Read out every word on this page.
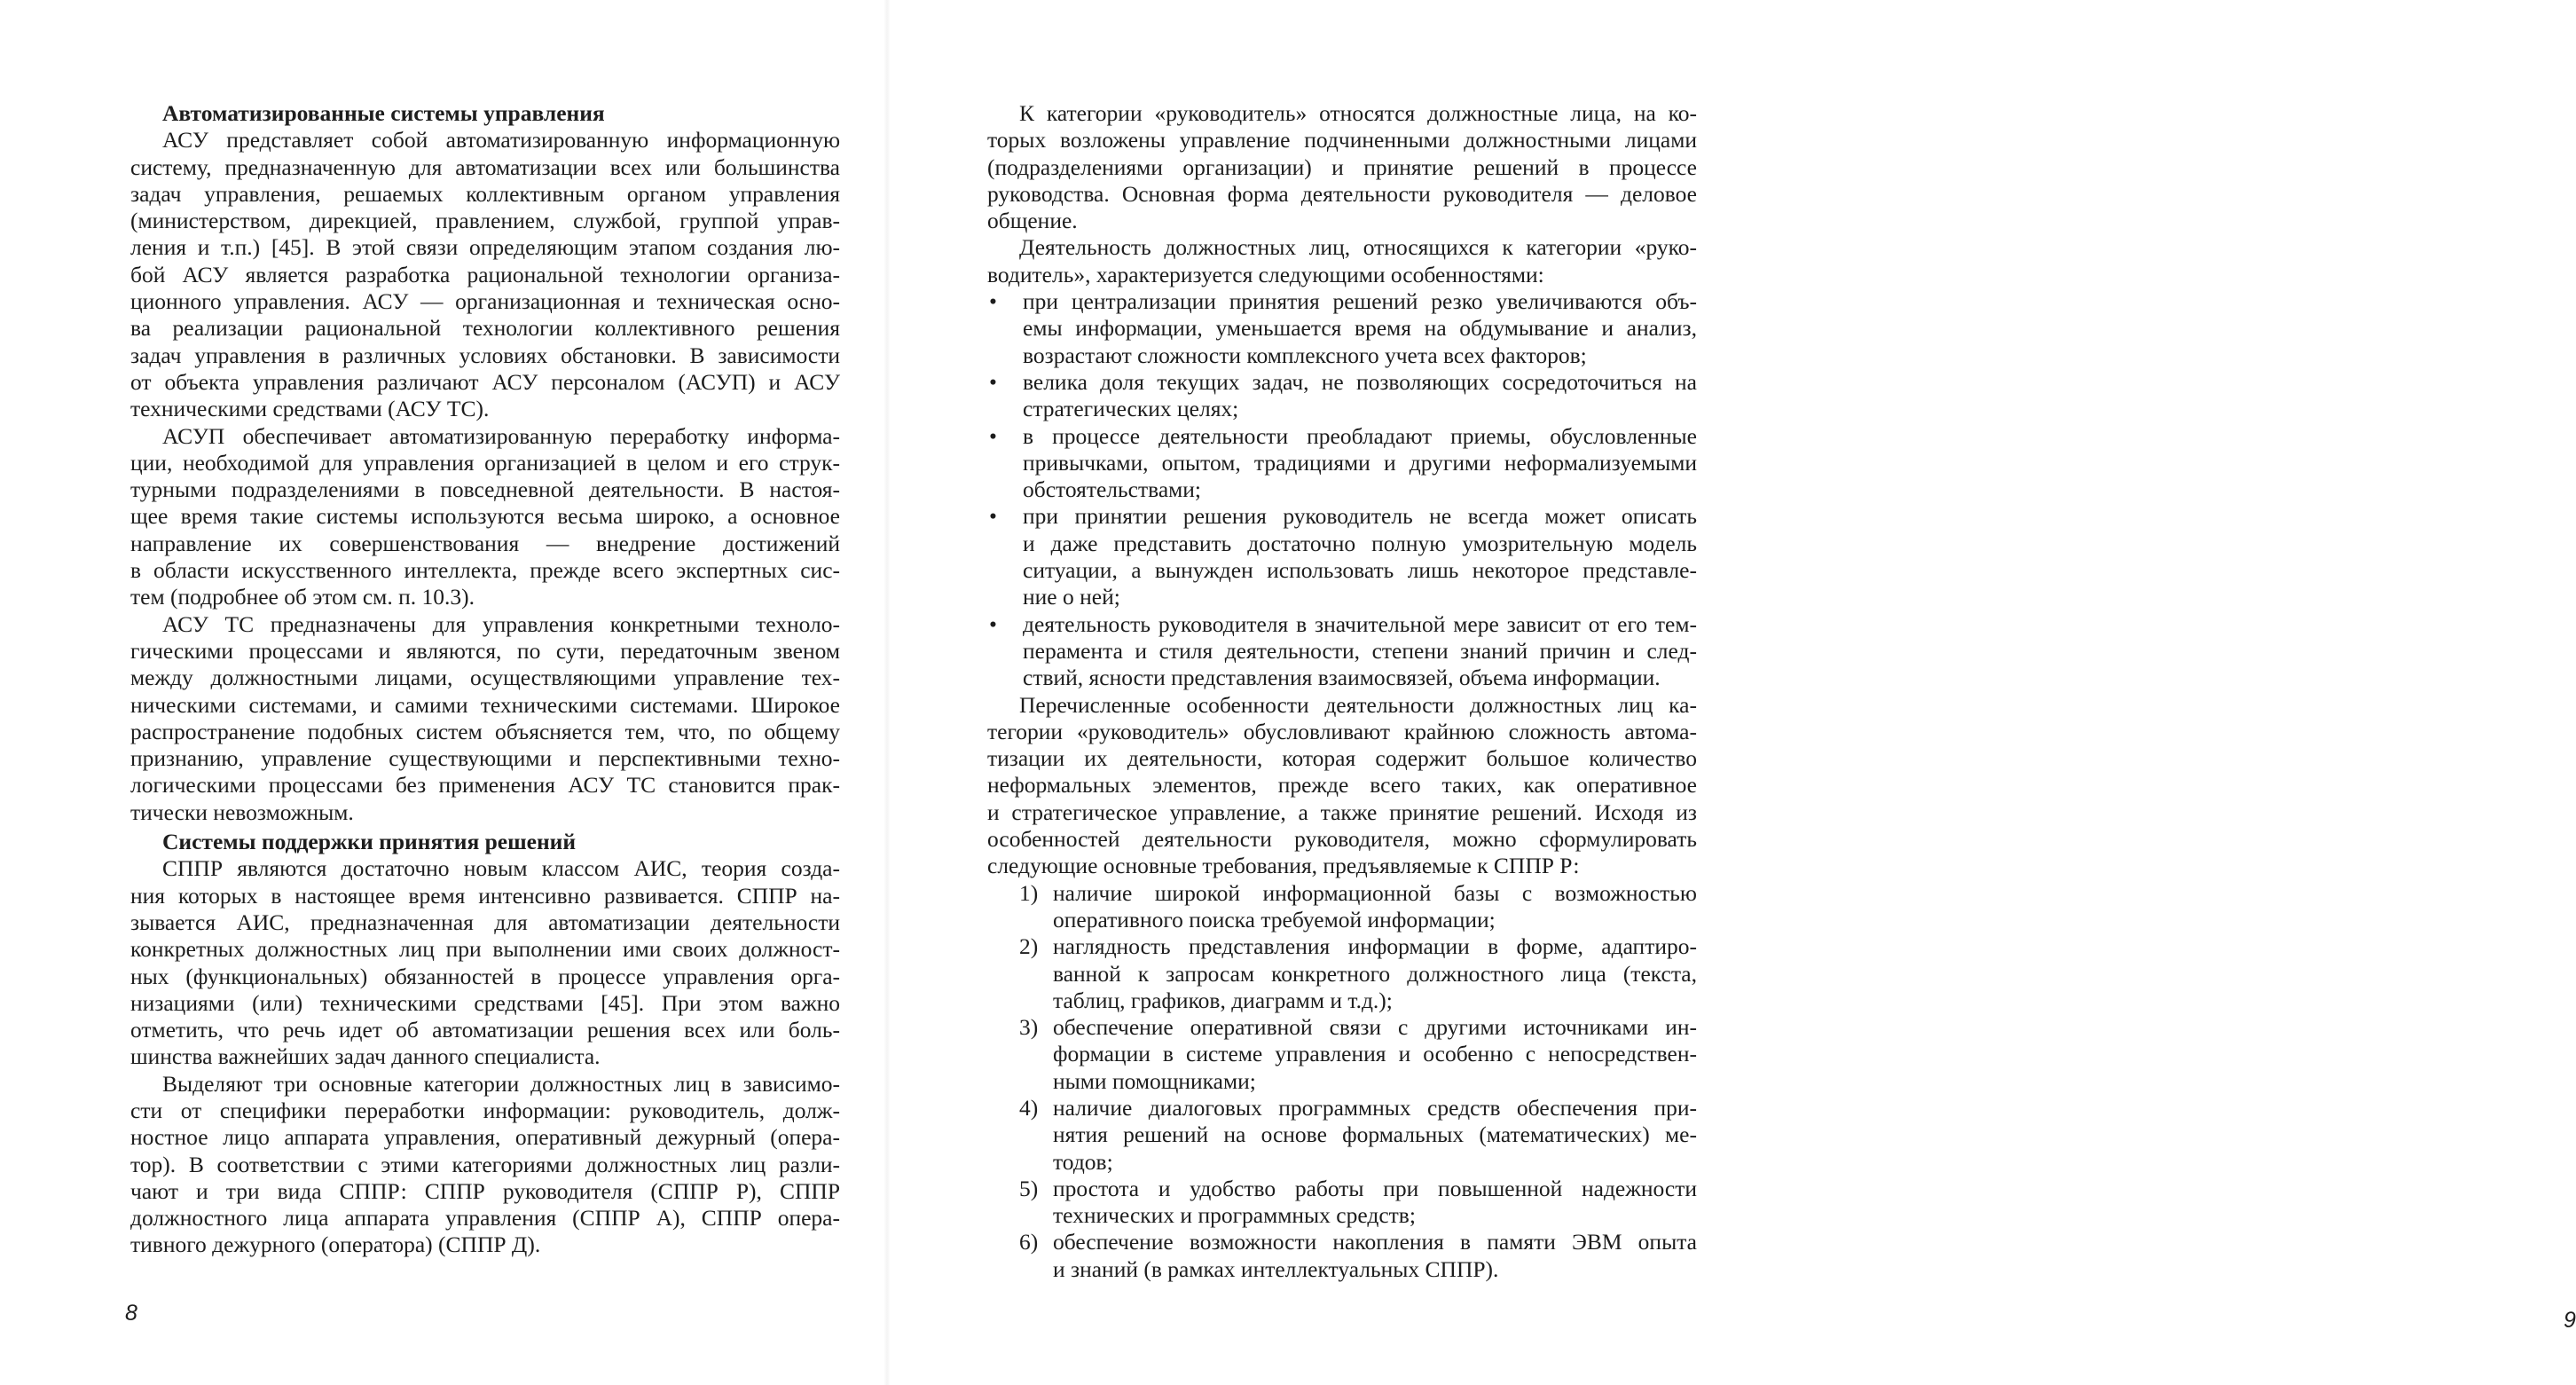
Автоматизированные системы управления
АСУ представляет собой автоматизированную информационную
систему, предназначенную для автоматизации всех или большинства
задач управления, решаемых коллективным органом управления
(министерством, дирекцией, правлением, службой, группой управ-
ления и т.п.) [45]. В этой связи определяющим этапом создания лю-
бой АСУ является разработка рациональной технологии организа-
ционного управления. АСУ — организационная и техническая осно-
ва реализации рациональной технологии коллективного решения
задач управления в различных условиях обстановки. В зависимости
от объекта управления различают АСУ персоналом (АСУП) и АСУ
техническими средствами (АСУ ТС).
АСУП обеспечивает автоматизированную переработку информа-
ции, необходимой для управления организацией в целом и его струк-
турными подразделениями в повседневной деятельности. В настоя-
щее время такие системы используются весьма широко, а основное
направление их совершенствования — внедрение достижений
в области искусственного интеллекта, прежде всего экспертных сис-
тем (подробнее об этом см. п. 10.3).
АСУ ТС предназначены для управления конкретными техноло-
гическими процессами и являются, по сути, передаточным звеном
между должностными лицами, осуществляющими управление тех-
ническими системами, и самими техническими системами. Широкое
распространение подобных систем объясняется тем, что, по общему
признанию, управление существующими и перспективными техно-
логическими процессами без применения АСУ ТС становится прак-
тически невозможным.
Системы поддержки принятия решений
СППР являются достаточно новым классом АИС, теория созда-
ния которых в настоящее время интенсивно развивается. СППР на-
зывается АИС, предназначенная для автоматизации деятельности
конкретных должностных лиц при выполнении ими своих должност-
ных (функциональных) обязанностей в процессе управления орга-
низациями (или) техническими средствами [45]. При этом важно
отметить, что речь идет об автоматизации решения всех или боль-
шинства важнейших задач данного специалиста.
Выделяют три основные категории должностных лиц в зависимо-
сти от специфики переработки информации: руководитель, долж-
ностное лицо аппарата управления, оперативный дежурный (опера-
тор). В соответствии с этими категориями должностных лиц разли-
чают и три вида СППР: СППР руководителя (СППР Р), СППР
должностного лица аппарата управления (СППР А), СППР опера-
тивного дежурного (оператора) (СППР Д).
8
К категории «руководитель» относятся должностные лица, на ко-
торых возложены управление подчиненными должностными лицами
(подразделениями организации) и принятие решений в процессе
руководства. Основная форма деятельности руководителя — деловое
общение.
Деятельность должностных лиц, относящихся к категории «руко-
водитель», характеризуется следующими особенностями:
• при централизации принятия решений резко увеличиваются объ-
емы информации, уменьшается время на обдумывание и анализ,
возрастают сложности комплексного учета всех факторов;
• велика доля текущих задач, не позволяющих сосредоточиться на
стратегических целях;
• в процессе деятельности преобладают приемы, обусловленные
привычками, опытом, традициями и другими неформализуемыми
обстоятельствами;
• при принятии решения руководитель не всегда может описать
и даже представить достаточно полную умозрительную модель
ситуации, а вынужден использовать лишь некоторое представле-
ние о ней;
• деятельность руководителя в значительной мере зависит от его тем-
перамента и стиля деятельности, степени знаний причин и след-
ствий, ясности представления взаимосвязей, объема информации.
Перечисленные особенности деятельности должностных лиц ка-
тегории «руководитель» обусловливают крайнюю сложность автома-
тизации их деятельности, которая содержит большое количество
неформальных элементов, прежде всего таких, как оперативное
и стратегическое управление, а также принятие решений. Исходя из
особенностей деятельности руководителя, можно сформулировать
следующие основные требования, предъявляемые к СППР Р:
1) наличие широкой информационной базы с возможностью
оперативного поиска требуемой информации;
2) наглядность представления информации в форме, адаптиро-
ванной к запросам конкретного должностного лица (текста,
таблиц, графиков, диаграмм и т.д.);
3) обеспечение оперативной связи с другими источниками ин-
формации в системе управления и особенно с непосредствен-
ными помощниками;
4) наличие диалоговых программных средств обеспечения при-
нятия решений на основе формальных (математических) ме-
тодов;
5) простота и удобство работы при повышенной надежности
технических и программных средств;
6) обеспечение возможности накопления в памяти ЭВМ опыта
и знаний (в рамках интеллектуальных СППР).
9
